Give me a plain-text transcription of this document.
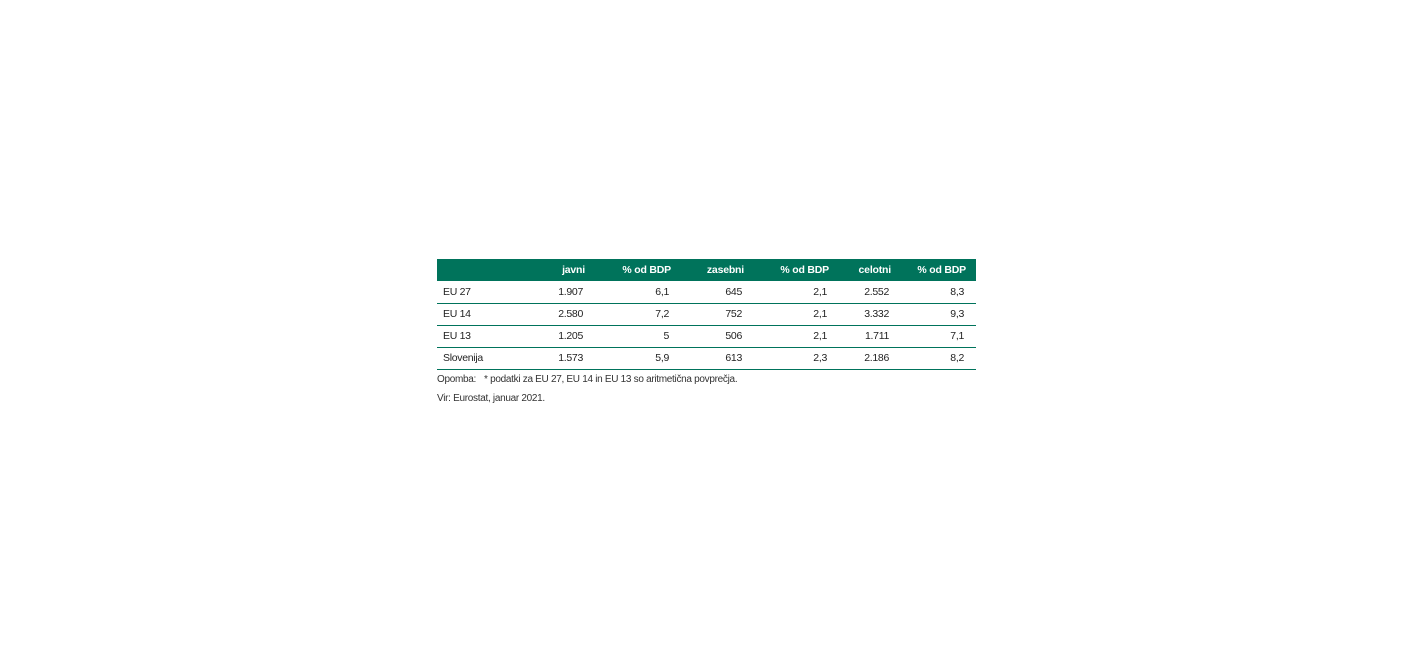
	javni	% od BDP	zasebni	% od BDP	celotni	% od BDP
EU 27	1.907	6,1	645	2,1	2.552	8,3
EU 14	2.580	7,2	752	2,1	3.332	9,3
EU 13	1.205	5	506	2,1	1.711	7,1
Slovenija	1.573	5,9	613	2,3	2.186	8,2
Opomba: * podatki za EU 27, EU 14 in EU 13 so aritmetična povprečja.
Vir: Eurostat, januar 2021.
